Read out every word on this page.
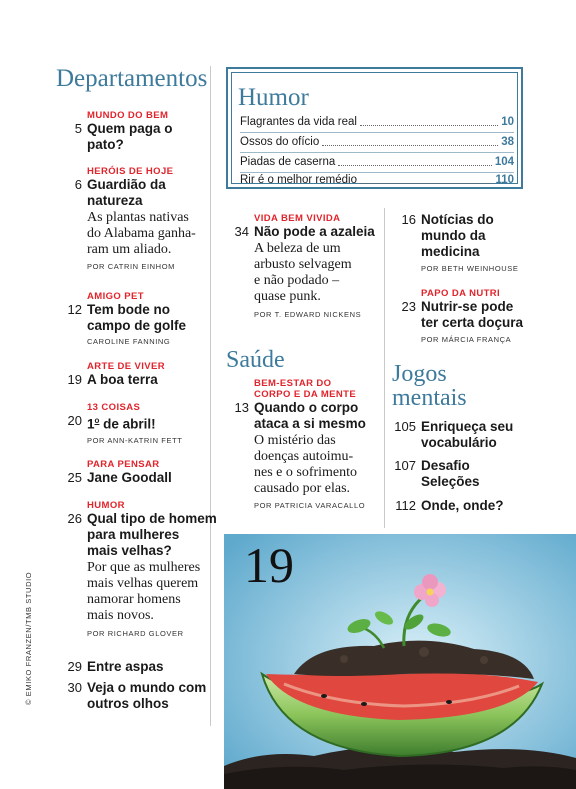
Departamentos
MUNDO DO BEM
5 Quem paga o
pato?
HERÓIS DE HOJE
6 Guardião da
natureza
As plantas nativas
do Alabama ganha-
ram um aliado.
POR CATRIN EINHOM
AMIGO PET
12 Tem bode no
campo de golfe
CAROLINE FANNING
ARTE DE VIVER
19 A boa terra
13 COISAS
20 1$^o$ de abril!
POR ANN-KATRIN FETT
PARA PENSAR
25 Jane Goodall
HUMOR
26 Qual tipo de homem
para mulheres
mais velhas?
Por que as mulheres
mais velhas querem
namorar homens
mais novos.
POR RICHARD GLOVER
29 Entre aspas
30 Veja o mundo com
outros olhos
© EMIKO FRANZEN/TMB STUDIO
Humor
Flagrantes da vida real	10
Ossos do ofício	38
Piadas de caserna	104
Rir é o melhor remédio	110
VIDA BEM VIVIDA
34 Não pode a azaleia
A beleza de um
arbusto selvagem
e não podado –
quase punk.
POR T. EDWARD NICKENS
Saúde
BEM-ESTAR DO
CORPO E DA MENTE
13 Quando o corpo
ataca a si mesmo
O mistério das
doenças autoimu-
nes e o sofrimento
causado por elas.
POR PATRICIA VARACALLO
16 Notícias do
mundo da
medicina
POR BETH WEINHOUSE
PAPO DA NUTRI
23 Nutrir-se pode
ter certa doçura
POR MÁRCIA FRANÇA
Jogos
mentais
105 Enriqueça seu
vocabulário
107 Desafio
Seleções
112 Onde, onde?
19
